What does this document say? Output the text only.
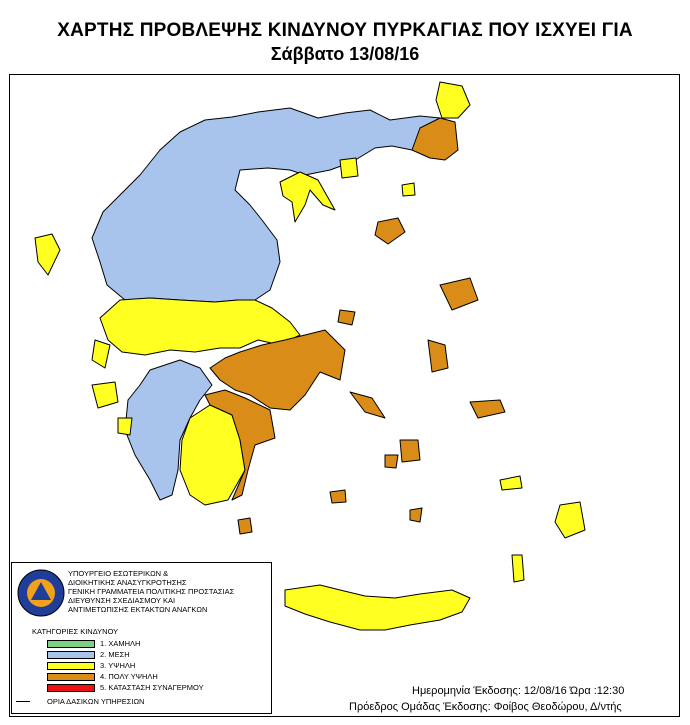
ΧΑΡΤΗΣ ΠΡΟΒΛΕΨΗΣ ΚΙΝΔΥΝΟΥ ΠΥΡΚΑΓΙΑΣ ΠΟΥ ΙΣΧΥΕΙ ΓΙΑ
Σάββατο 13/08/16
ΥΠΟΥΡΓΕΙΟ ΕΣΩΤΕΡΙΚΩΝ &
ΔΙΟΙΚΗΤΙΚΗΣ ΑΝΑΣΥΓΚΡΟΤΗΣΗΣ
ΓΕΝΙΚΗ ΓΡΑΜΜΑΤΕΙΑ ΠΟΛΙΤΙΚΗΣ ΠΡΟΣΤΑΣΙΑΣ
ΔΙΕΥΘΥΝΣΗ ΣΧΕΔΙΑΣΜΟΥ ΚΑΙ
ΑΝΤΙΜΕΤΩΠΙΣΗΣ ΕΚΤΑΚΤΩΝ ΑΝΑΓΚΩΝ
ΚΑΤΗΓΟΡΙΕΣ ΚΙΝΔΥΝΟΥ
1. ΧΑΜΗΛΗ
2. ΜΕΣΗ
3. ΥΨΗΛΗ
4. ΠΟΛΥ ΥΨΗΛΗ
5. ΚΑΤΑΣΤΑΣΗ ΣΥΝΑΓΕΡΜΟΥ
ΟΡΙΑ ΔΑΣΙΚΩΝ ΥΠΗΡΕΣΙΩΝ
Ημερομηνία Έκδοσης: 12/08/16 Ώρα :12:30
Πρόεδρος Ομάδας Έκδοσης: Φοίβος Θεοδώρου, Δ/ντής
